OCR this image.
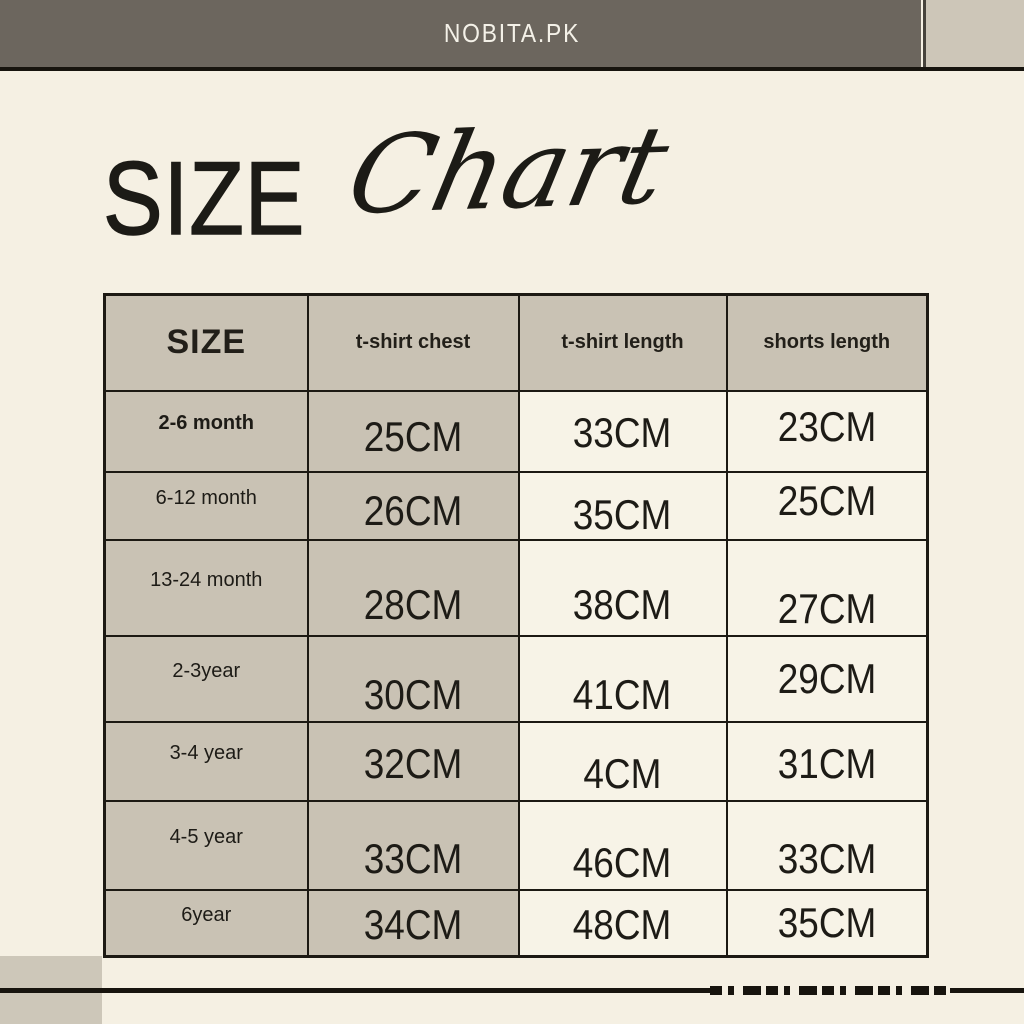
NOBITA.PK
SIZE Chart
SIZE	t-shirt chest	t-shirt length	shorts length
2-6 month	25CM	33CM	23CM
6-12 month	26CM	35CM	25CM
13-24 month	28CM	38CM	27CM
2-3year	30CM	41CM	29CM
3-4 year	32CM	4CM	31CM
4-5 year	33CM	46CM	33CM
6year	34CM	48CM	35CM
